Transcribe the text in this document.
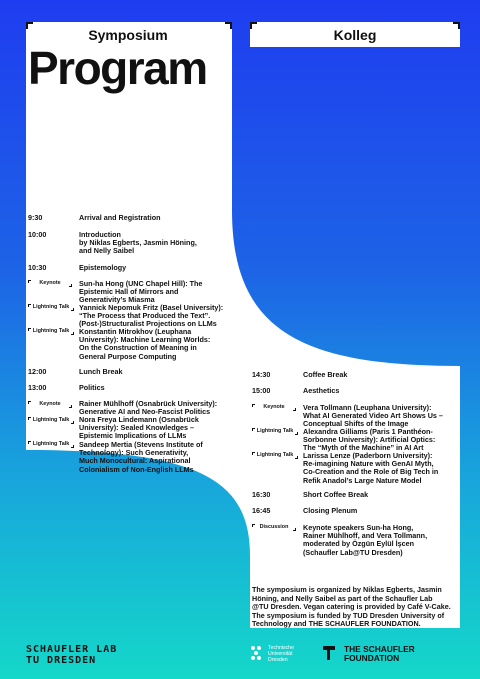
Symposium	Kolleg
Program
9:30	Arrival and Registration
10:00	Introduction
by Niklas Egberts, Jasmin Höning,
and Nelly Saibel
10:30	Epistemology
Keynote	Sun-ha Hong (UNC Chapel Hill): The
Epistemic Hall of Mirrors and
Generativity’s Miasma
Lightning Talk	Yannick Nepomuk Fritz (Basel University):
“The Process that Produced the Text”.
(Post-)Structuralist Projections on LLMs
Lightning Talk	Konstantin Mitrokhov (Leuphana
University): Machine Learning Worlds:
On the Construction of Meaning in
General Purpose Computing
12:00	Lunch Break
13:00	Politics
Keynote	Rainer Mühlhoff (Osnabrück University):
Generative AI and Neo-Fascist Politics
Lightning Talk	Nora Freya Lindemann (Osnabrück
University): Sealed Knowledges –
Epistemic Implications of LLMs
Lightning Talk	Sandeep Mertia (Stevens Institute of
Technology): Such Generativity,
Much Monocultural: Aspirational
Colonialism of Non-English LLMs
14:30	Coffee Break
15:00	Aesthetics
Keynote	Vera Tollmann (Leuphana University):
What AI Generated Video Art Shows Us –
Conceptual Shifts of the Image
Lightning Talk	Alexandra Gilliams (Paris 1 Panthéon-
Sorbonne University): Artificial Optics:
The “Myth of the Machine” in AI Art
Lightning Talk	Larissa Lenze (Paderborn University):
Re-imagining Nature with GenAI Myth,
Co-Creation and the Role of Big Tech in
Refik Anadol’s Large Nature Model
16:30	Short Coffee Break
16:45	Closing Plenum
Discussion	Keynote speakers Sun-ha Hong,
Rainer Mühlhoff, and Vera Tollmann,
moderated by Özgün Eylül İşcen
(Schaufler Lab@TU Dresden)
The symposium is organized by Niklas Egberts, Jasmin
Höning, and Nelly Saibel as part of the Schaufler Lab
@TU Dresden. Vegan catering is provided by Café V-Cake.
The symposium is funded by TUD Dresden University of
Technology and THE SCHAUFLER FOUNDATION.
SCHAUFLER LAB
TU DRESDEN
Technische
Universität
Dresden
THE SCHAUFLER
FOUNDATION
